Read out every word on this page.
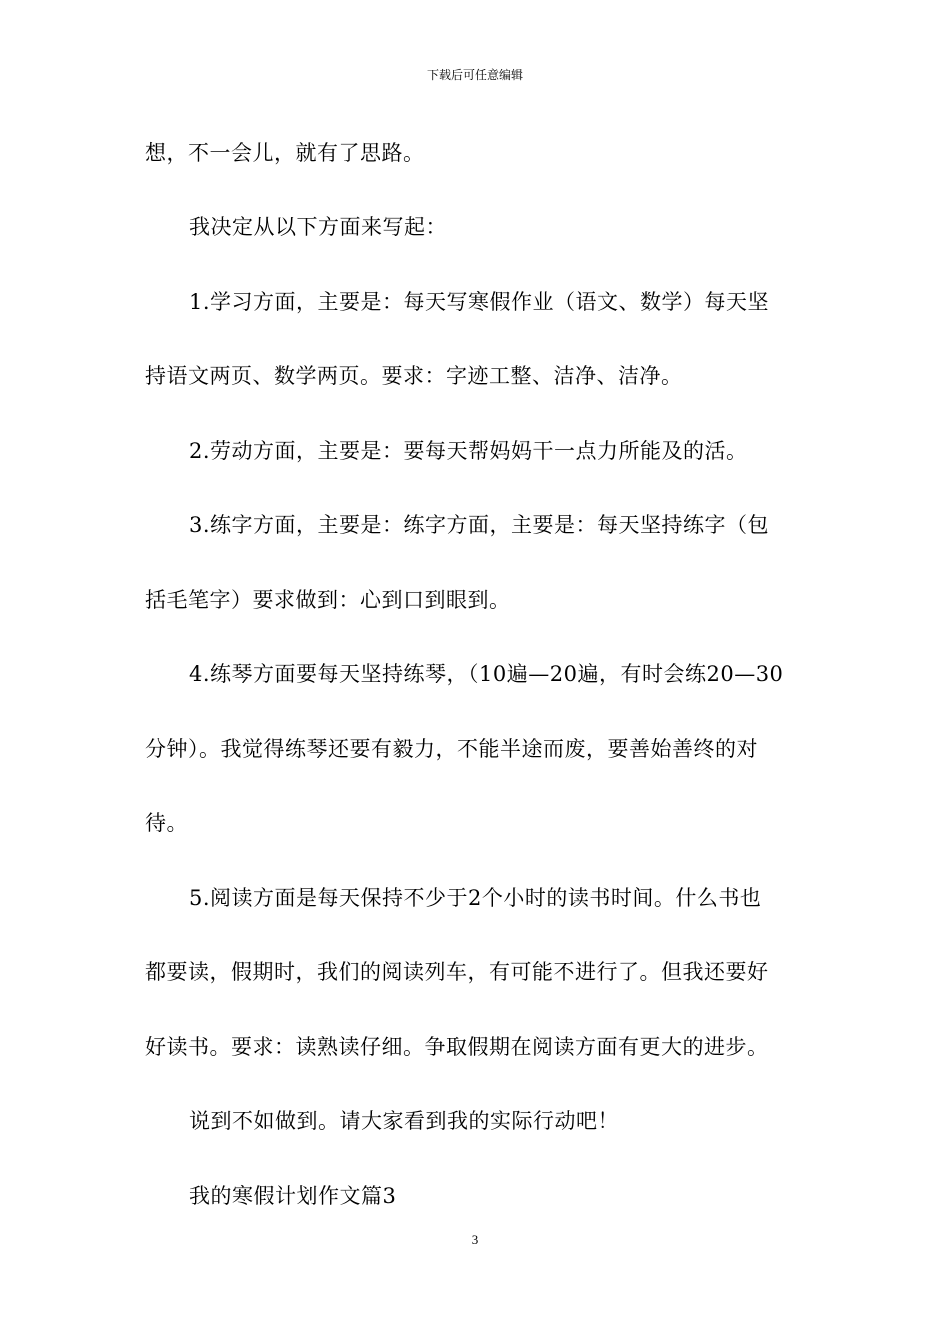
下载后可任意编辑
想，不一会儿，就有了思路。
我决定从以下方面来写起：
1.学习方面，主要是：每天写寒假作业（语文、数学）每天坚
持语文两页、数学两页。要求：字迹工整、洁净、洁净。
2.劳动方面，主要是：要每天帮妈妈干一点力所能及的活。
3.练字方面，主要是：练字方面，主要是：每天坚持练字（包
括毛笔字）要求做到：心到口到眼到。
4.练琴方面要每天坚持练琴，（10遍—20遍，有时会练20—30
分钟）。我觉得练琴还要有毅力，不能半途而废，要善始善终的对
待。
5.阅读方面是每天保持不少于2个小时的读书时间。什么书也
都要读，假期时，我们的阅读列车，有可能不进行了。但我还要好
好读书。要求：读熟读仔细。争取假期在阅读方面有更大的进步。
说到不如做到。请大家看到我的实际行动吧！
我的寒假计划作文篇3
3
